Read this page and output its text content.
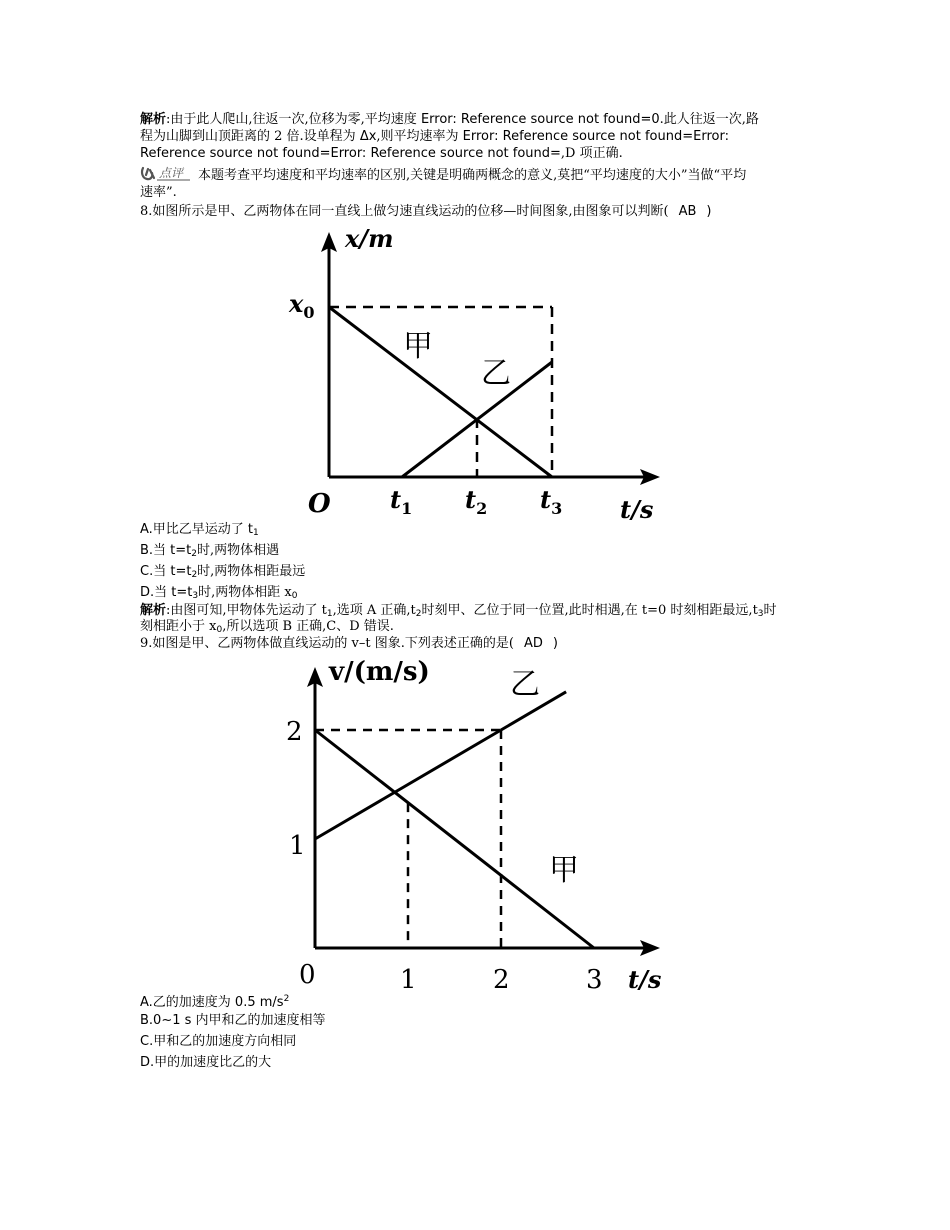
解析:由于此人爬山,往返一次,位移为零,平均速度 Error: Reference source not found=0.此人往返一次,路
程为山脚到山顶距离的 2 倍.设单程为 Δx,则平均速率为 Error: Reference source not found=Error:
Reference source not found=Error: Reference source not found=,D 项正确.
点评 本题考查平均速度和平均速率的区别,关键是明确两概念的意义,莫把“平均速度的大小”当做“平均
速率”.
8.如图所示是甲、乙两物体在同一直线上做匀速直线运动的位移—时间图象,由图象可以判断( AB )
x/m
t/s
O
$x_0$
$t_1$ $t_2$ $t_3$
甲
乙
A.甲比乙早运动了 $t_1$
B.当 $t=t_2$时,两物体相遇
C.当 $t=t_2$时,两物体相距最远
D.当 $t=t_3$时,两物体相距 $x_0$
解析:由图可知,甲物体先运动了 $t_1$,选项 A 正确$,t_2$时刻甲、乙位于同一位置,此时相遇,在 t=0 时刻相距最远$,t_3$时
刻相距小于 $x_0$,所以选项 B 正确,C、D 错误.
9.如图是甲、乙两物体做直线运动的 v–t 图象.下列表述正确的是( AD )
v/(m/s)
t/s
2
1
0	1	2	3
甲
乙
A.乙的加速度为 0.5 $m/s^2$
B.0~1 s 内甲和乙的加速度相等
C.甲和乙的加速度方向相同
D.甲的加速度比乙的大
